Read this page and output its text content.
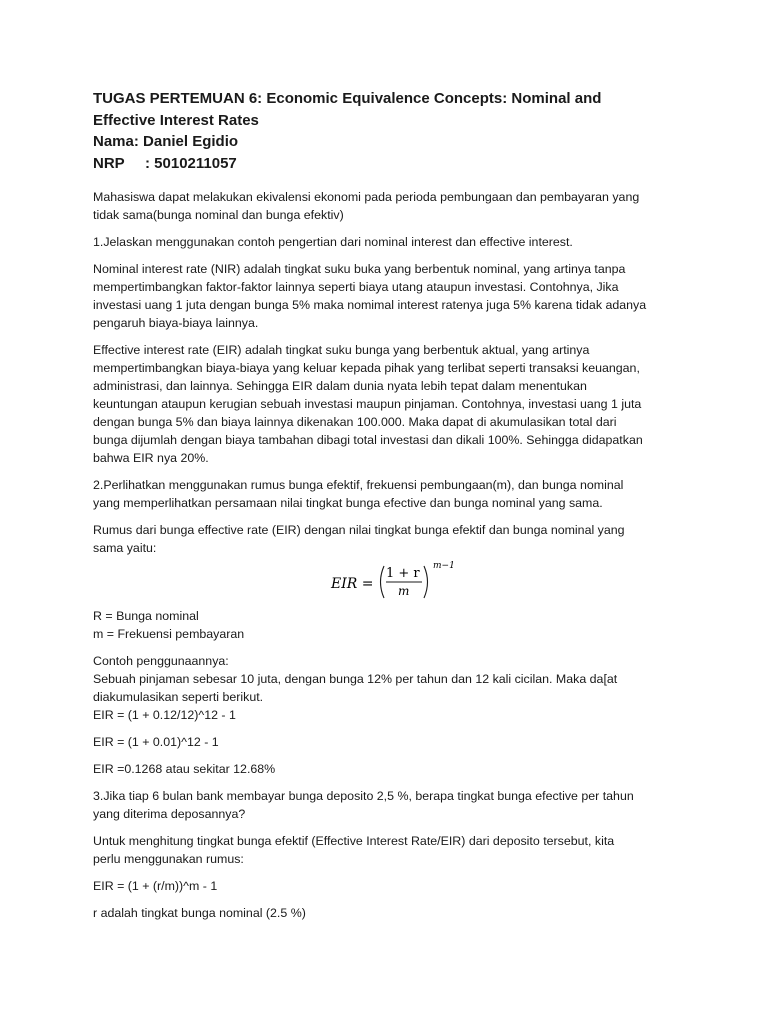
TUGAS PERTEMUAN 6: Economic Equivalence Concepts: Nominal and
Effective Interest Rates
Nama: Daniel Egidio
NRP : 5010211057

Mahasiswa dapat melakukan ekivalensi ekonomi pada perioda pembungaan dan pembayaran yang
tidak sama(bunga nominal dan bunga efektiv)

1.Jelaskan menggunakan contoh pengertian dari nominal interest dan effective interest.

Nominal interest rate (NIR) adalah tingkat suku buka yang berbentuk nominal, yang artinya tanpa
mempertimbangkan faktor-faktor lainnya seperti biaya utang ataupun investasi. Contohnya, Jika
investasi uang 1 juta dengan bunga 5% maka nomimal interest ratenya juga 5% karena tidak adanya
pengaruh biaya-biaya lainnya.

Effective interest rate (EIR) adalah tingkat suku bunga yang berbentuk aktual, yang artinya
mempertimbangkan biaya-biaya yang keluar kepada pihak yang terlibat seperti transaksi keuangan,
administrasi, dan lainnya. Sehingga EIR dalam dunia nyata lebih tepat dalam menentukan
keuntungan ataupun kerugian sebuah investasi maupun pinjaman. Contohnya, investasi uang 1 juta
dengan bunga 5% dan biaya lainnya dikenakan 100.000. Maka dapat di akumulasikan total dari
bunga dijumlah dengan biaya tambahan dibagi total investasi dan dikali 100%. Sehingga didapatkan
bahwa EIR nya 20%.

2.Perlihatkan menggunakan rumus bunga efektif, frekuensi pembungaan(m), dan bunga nominal
yang memperlihatkan persamaan nilai tingkat bunga efective dan bunga nominal yang sama.

Rumus dari bunga effective rate (EIR) dengan nilai tingkat bunga efektif dan bunga nominal yang
sama yaitu:

EIR =
1 + r
m
m−1

R = Bunga nominal
m = Frekuensi pembayaran

Contoh penggunaannya:
Sebuah pinjaman sebesar 10 juta, dengan bunga 12% per tahun dan 12 kali cicilan. Maka da[at
diakumulasikan seperti berikut.
EIR = (1 + 0.12/12)^12 - 1

EIR = (1 + 0.01)^12 - 1

EIR =0.1268 atau sekitar 12.68%

3.Jika tiap 6 bulan bank membayar bunga deposito 2,5 %, berapa tingkat bunga efective per tahun
yang diterima deposannya?

Untuk menghitung tingkat bunga efektif (Effective Interest Rate/EIR) dari deposito tersebut, kita
perlu menggunakan rumus:

EIR = (1 + (r/m))^m - 1

r adalah tingkat bunga nominal (2.5 %)
